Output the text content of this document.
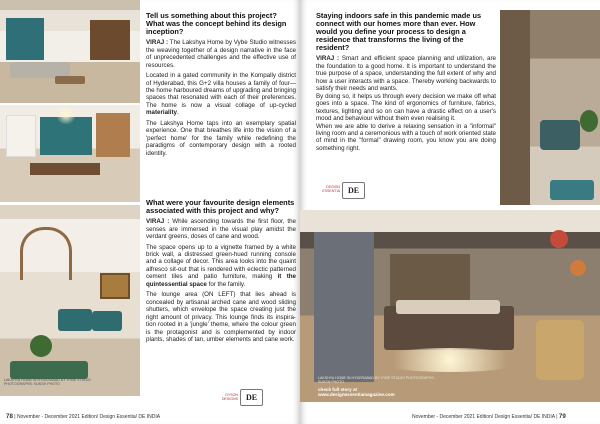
LAKSHYA HOME IN HYDERABAD BY VYBE STUDIO PHOTOGRAPHS: SUKSH PHOTO

Tell us something about this project? What was the concept behind its design inception?

VIRAJ : The Lakshya Home by Vybe Studio witnesses the weaving together of a design narrative in the face of unprecedented challenges and the effective use of resources.

Located in a gated community in the Kompally district of Hyderabad, this G+2 villa houses a family of four—the home harboured dreams of upgrading and bringing spaces that resonated with each of their preferences. The home is now a visual collage of up-cycled materiality.

The Lakshya Home taps into an exemplary spatial experience. One that breathes life into the vision of a 'perfect home' for the family while redefining the paradigms of contemporary design with a rooted identity.

What were your favourite design elements associated with this project and why?

VIRAJ : While ascending towards the first floor, the senses are immersed in the visual play amidst the verdant greens, doses of cane and wood.

The space opens up to a vignette framed by a white brick wall, a distressed green-hued running console and a collage of decor. This area looks into the quaint alfresco sit-out that is rendered with eclectic patterned cement tiles and patio furniture, making it the quintessential space for the family.

The lounge area (ON LEFT) that lies ahead is concealed by artisanal arched cane and wood sliding shutters, which envelope the space creating just the right amount of privacy. This lounge finds its inspira- tion rooted in a 'jungle' theme, where the colour green is the protagonist and is complemented by indoor plants, shades of tan, umber elements and cane work.

DYSON DESIGNS DE
78 | November - December 2021 Edition/ Design Essentia/ DE INDIA

Staying indoors safe in this pandemic made us connect with our homes more than ever. How would you define your process to design a residence that transforms the living of the resident?

VIRAJ : Smart and efficient space planning and utilization, are the foundation to a good home. It is important to understand the true purpose of a space, understanding the full extent of why and how a user interacts with a space. Thereby working backwards to satisfy their needs and wants.

By doing so, it helps us through every decision we make off what goes into a space. The kind of ergonomics of furniture, fabrics, textures, lighting and so on can have a drastic effect on a user's mood and behaviour without them even realising it.

When we are able to derive a relaxing sensation in a "informal" living room and a ceremonious with a touch of work oriented state of mind in the "formal" drawing room, you know you are doing something right.

DESIGN ESSENTIA DE
LAKSHYA HOME IN HYDERABAD BY VYBE STUDIO PHOTOGRAPHS: SUKSH PHOTO
check full story at
www.designessentiamagazine.com
November - December 2021 Edition/ Design Essentia/ DE INDIA | 79
